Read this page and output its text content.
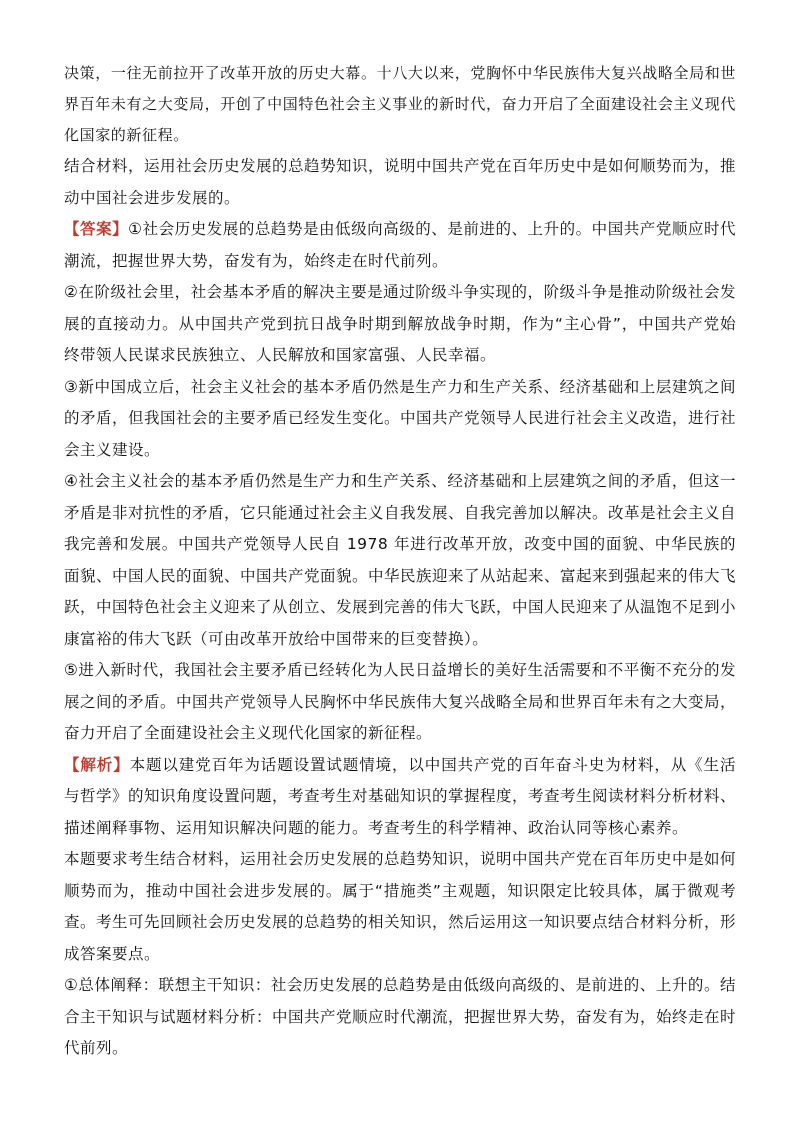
决策，一往无前拉开了改革开放的历史大幕。十八大以来，党胸怀中华民族伟大复兴战略全局和世界百年未有之大变局，开创了中国特色社会主义事业的新时代，奋力开启了全面建设社会主义现代化国家的新征程。

结合材料，运用社会历史发展的总趋势知识，说明中国共产党在百年历史中是如何顺势而为，推动中国社会进步发展的。

【答案】①社会历史发展的总趋势是由低级向高级的、是前进的、上升的。中国共产党顺应时代潮流，把握世界大势，奋发有为，始终走在时代前列。

②在阶级社会里，社会基本矛盾的解决主要是通过阶级斗争实现的，阶级斗争是推动阶级社会发展的直接动力。从中国共产党到抗日战争时期到解放战争时期，作为“主心骨”，中国共产党始终带领人民谋求民族独立、人民解放和国家富强、人民幸福。

③新中国成立后，社会主义社会的基本矛盾仍然是生产力和生产关系、经济基础和上层建筑之间的矛盾，但我国社会的主要矛盾已经发生变化。中国共产党领导人民进行社会主义改造，进行社会主义建设。

④社会主义社会的基本矛盾仍然是生产力和生产关系、经济基础和上层建筑之间的矛盾，但这一矛盾是非对抗性的矛盾，它只能通过社会主义自我发展、自我完善加以解决。改革是社会主义自我完善和发展。中国共产党领导人民自 1978 年进行改革开放，改变中国的面貌、中华民族的面貌、中国人民的面貌、中国共产党面貌。中华民族迎来了从站起来、富起来到强起来的伟大飞跃，中国特色社会主义迎来了从创立、发展到完善的伟大飞跃，中国人民迎来了从温饱不足到小康富裕的伟大飞跃（可由改革开放给中国带来的巨变替换）。

⑤进入新时代，我国社会主要矛盾已经转化为人民日益增长的美好生活需要和不平衡不充分的发展之间的矛盾。中国共产党领导人民胸怀中华民族伟大复兴战略全局和世界百年未有之大变局，奋力开启了全面建设社会主义现代化国家的新征程。

【解析】本题以建党百年为话题设置试题情境，以中国共产党的百年奋斗史为材料，从《生活与哲学》的知识角度设置问题，考查考生对基础知识的掌握程度，考查考生阅读材料分析材料、描述阐释事物、运用知识解决问题的能力。考查考生的科学精神、政治认同等核心素养。

本题要求考生结合材料，运用社会历史发展的总趋势知识，说明中国共产党在百年历史中是如何顺势而为，推动中国社会进步发展的。属于“措施类”主观题，知识限定比较具体，属于微观考查。考生可先回顾社会历史发展的总趋势的相关知识，然后运用这一知识要点结合材料分析，形成答案要点。

①总体阐释：联想主干知识：社会历史发展的总趋势是由低级向高级的、是前进的、上升的。结合主干知识与试题材料分析：中国共产党顺应时代潮流，把握世界大势，奋发有为，始终走在时代前列。
